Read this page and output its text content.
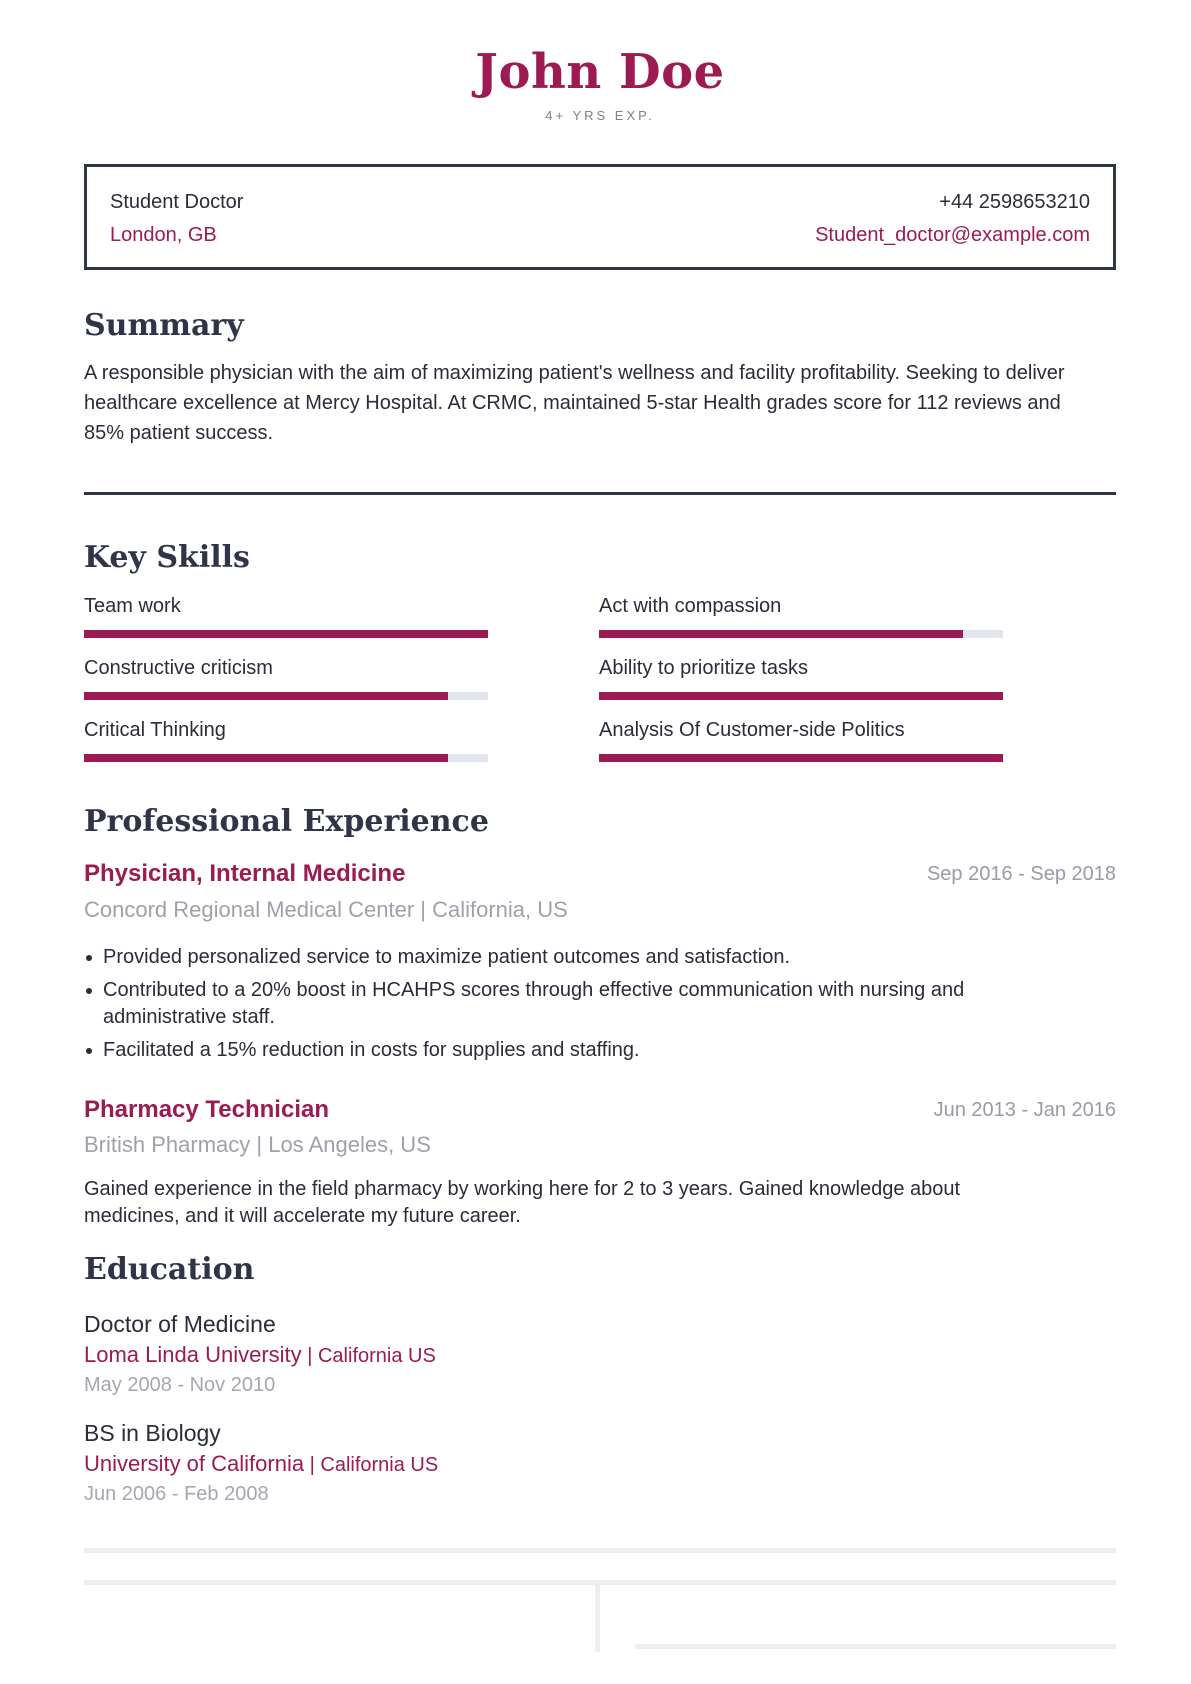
John Doe
4+ YRS EXP.
Student Doctor	+44 2598653210
London, GB	Student_doctor@example.com
Summary
A responsible physician with the aim of maximizing patient's wellness and facility profitability. Seeking to deliver healthcare excellence at Mercy Hospital. At CRMC, maintained 5-star Health grades score for 112 reviews and 85% patient success.
Key Skills
Team work	Act with compassion
Constructive criticism	Ability to prioritize tasks
Critical Thinking	Analysis Of Customer-side Politics
Professional Experience
Physician, Internal Medicine	Sep 2016 - Sep 2018
Concord Regional Medical Center | California, US
Provided personalized service to maximize patient outcomes and satisfaction.
Contributed to a 20% boost in HCAHPS scores through effective communication with nursing and administrative staff.
Facilitated a 15% reduction in costs for supplies and staffing.
Pharmacy Technician	Jun 2013 - Jan 2016
British Pharmacy | Los Angeles, US
Gained experience in the field pharmacy by working here for 2 to 3 years. Gained knowledge about medicines, and it will accelerate my future career.
Education
Doctor of Medicine
Loma Linda University | California US
May 2008 - Nov 2010
BS in Biology
University of California | California US
Jun 2006 - Feb 2008
